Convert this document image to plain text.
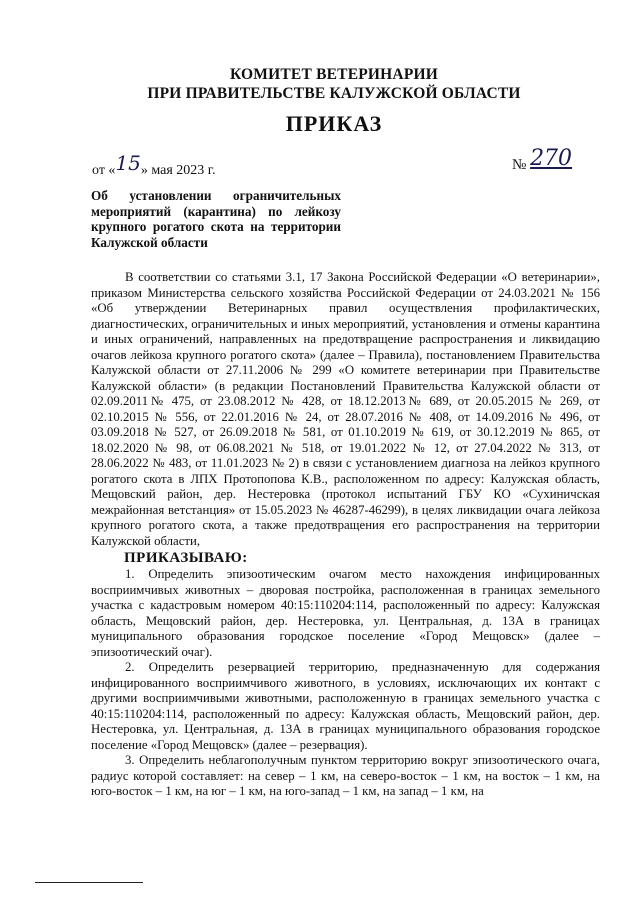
КОМИТЕТ ВЕТЕРИНАРИИ
ПРИ ПРАВИТЕЛЬСТВЕ КАЛУЖСКОЙ ОБЛАСТИ
ПРИКАЗ
от «15» мая 2023 г.	№ 270
Об установлении ограничительных мероприятий (карантина) по лейкозу крупного рогатого скота на территории Калужской области

В соответствии со статьями 3.1, 17 Закона Российской Федерации «О ветеринарии», приказом Министерства сельского хозяйства Российской Федерации от 24.03.2021 № 156 «Об утверждении Ветеринарных правил осуществления профилактических, диагностических, ограничительных и иных мероприятий, установления и отмены карантина и иных ограничений, направленных на предотвращение распространения и ликвидацию очагов лейкоза крупного рогатого скота» (далее – Правила), постановлением Правительства Калужской области от 27.11.2006 № 299 «О комитете ветеринарии при Правительстве Калужской области» (в редакции Постановлений Правительства Калужской области от 02.09.2011№ 475, от 23.08.2012 № 428, от 18.12.2013№ 689, от 20.05.2015 № 269, от 02.10.2015 № 556, от 22.01.2016 № 24, от 28.07.2016 № 408, от 14.09.2016 № 496, от 03.09.2018 № 527, от 26.09.2018 № 581, от 01.10.2019 № 619, от 30.12.2019 № 865, от 18.02.2020 № 98, от 06.08.2021 № 518, от 19.01.2022 № 12, от 27.04.2022 № 313, от 28.06.2022 № 483, от 11.01.2023 № 2) в связи с установлением диагноза на лейкоз крупного рогатого скота в ЛПХ Протопопова К.В., расположенном по адресу: Калужская область, Мещовский район, дер. Нестеровка (протокол испытаний ГБУ КО «Сухиничская межрайонная ветстанция» от 15.05.2023 № 46287-46299), в целях ликвидации очага лейкоза крупного рогатого скота, а также предотвращения его распространения на территории Калужской области,

ПРИКАЗЫВАЮ:

1. Определить эпизоотическим очагом место нахождения инфицированных восприимчивых животных – дворовая постройка, расположенная в границах земельного участка с кадастровым номером 40:15:110204:114, расположенный по адресу: Калужская область, Мещовский район, дер. Нестеровка, ул. Центральная, д. 13А в границах муниципального образования городское поселение «Город Мещовск» (далее – эпизоотический очаг).

2. Определить резервацией территорию, предназначенную для содержания инфицированного восприимчивого животного, в условиях, исключающих их контакт с другими восприимчивыми животными, расположенную в границах земельного участка с 40:15:110204:114, расположенный по адресу: Калужская область, Мещовский район, дер. Нестеровка, ул. Центральная, д. 13А в границах муниципального образования городское поселение «Город Мещовск» (далее – резервация).

3. Определить неблагополучным пунктом территорию вокруг эпизоотического очага, радиус которой составляет: на север – 1 км, на северо-восток – 1 км, на восток – 1 км, на юго-восток – 1 км, на юг – 1 км, на юго-запад – 1 км, на запад – 1 км, на
